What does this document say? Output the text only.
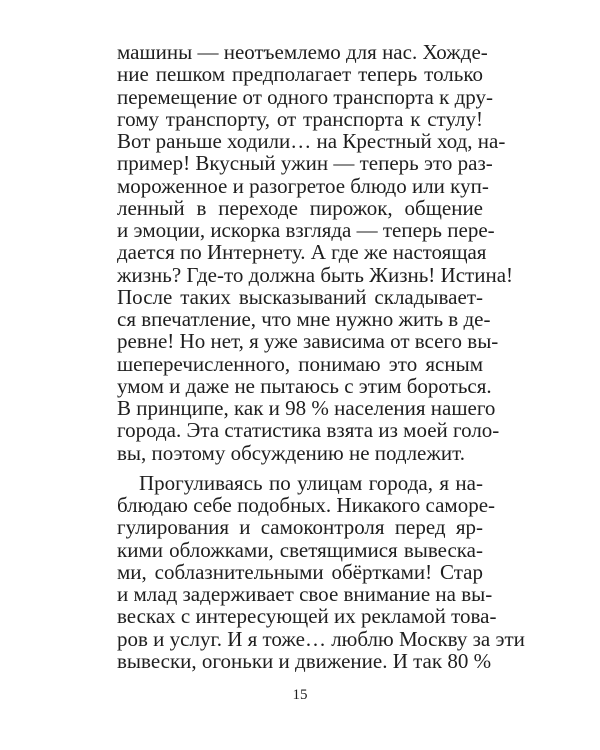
машины — неотъемлемо для нас. Хожде-
ние пешком предполагает теперь только
перемещение от одного транспорта к дру-
гому транспорту, от транспорта к стулу!
Вот раньше ходили… на Крестный ход, на-
пример! Вкусный ужин — теперь это раз-
мороженное и разогретое блюдо или куп-
ленный в переходе пирожок, общение
и эмоции, искорка взгляда — теперь пере-
дается по Интернету. А где же настоящая
жизнь? Где-то должна быть Жизнь! Истина!
После таких высказываний складывает-
ся впечатление, что мне нужно жить в де-
ревне! Но нет, я уже зависима от всего вы-
шеперечисленного, понимаю это ясным
умом и даже не пытаюсь с этим бороться.
В принципе, как и 98 % населения нашего
города. Эта статистика взята из моей голо-
вы, поэтому обсуждению не подлежит.
Прогуливаясь по улицам города, я на-
блюдаю себе подобных. Никакого саморе-
гулирования и самоконтроля перед яр-
кими обложками, светящимися вывеска-
ми, соблазнительными обёртками! Стар
и млад задерживает свое внимание на вы-
весках с интересующей их рекламой това-
ров и услуг. И я тоже… люблю Москву за эти
вывески, огоньки и движение. И так 80 %
15
